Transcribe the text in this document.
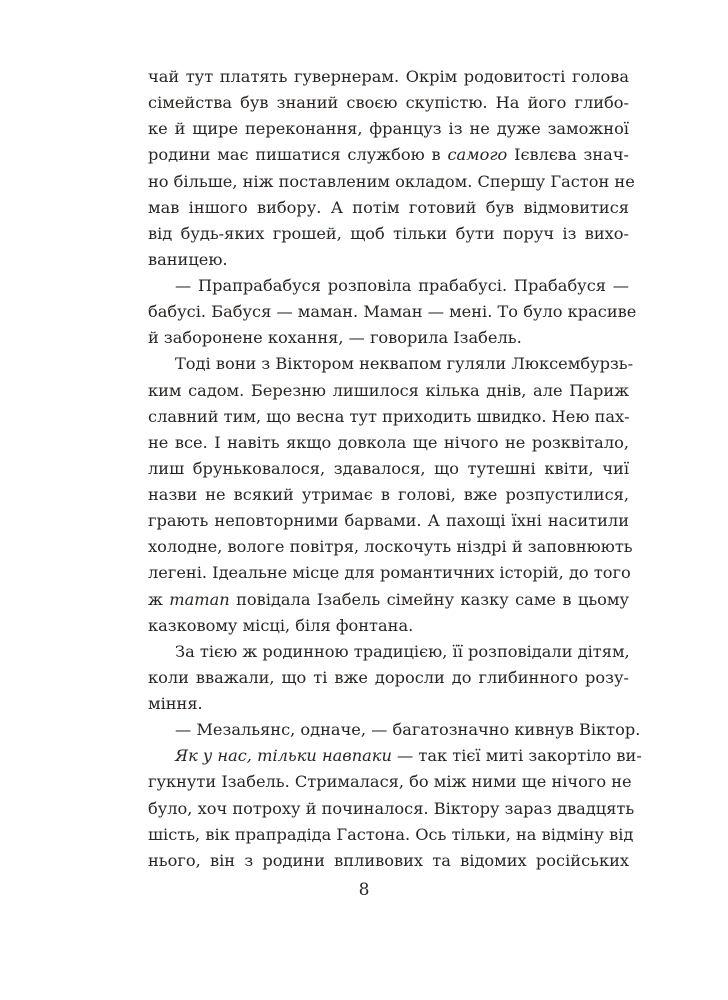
чай тут платять гувернерам. Окрім родовитості голова
сімейства був знаний своєю скупістю. На його глибо-
ке й щире переконання, француз із не дуже заможної
родини має пишатися службою в самого Ієвлєва знач-
но більше, ніж поставленим окладом. Спершу Гастон не
мав іншого вибору. А потім готовий був відмовитися
від будь-яких грошей, щоб тільки бути поруч із вихо-
ваницею.
— Прапрабабуся розповіла прабабусі. Прабабуся —
бабусі. Бабуся — маман. Маман — мені. То було красиве
й заборонене кохання, — говорила Ізабель.
Тоді вони з Віктором неквапом гуляли Люксембурзь-
ким садом. Березню лишилося кілька днів, але Париж
славний тим, що весна тут приходить швидко. Нею пах-
не все. І навіть якщо довкола ще нічого не розквітало,
лиш бруньковалося, здавалося, що тутешні квіти, чиї
назви не всякий утримає в голові, вже розпустилися,
грають неповторними барвами. А пахощі їхні наситили
холодне, вологе повітря, лоскочуть ніздрі й заповнюють
легені. Ідеальне місце для романтичних історій, до того
ж maman повідала Ізабель сімейну казку саме в цьому
казковому місці, біля фонтана.
За тією ж родинною традицією, її розповідали дітям,
коли вважали, що ті вже доросли до глибинного розу-
міння.
— Мезальянс, одначе, — багатозначно кивнув Віктор.
Як у нас, тільки навпаки — так тієї миті закортіло ви-
гукнути Ізабель. Стрималася, бо між ними ще нічого не
було, хоч потроху й починалося. Віктору зараз двадцять
шість, вік прапрадіда Гастона. Ось тільки, на відміну від
нього, він з родини впливових та відомих російських
8
